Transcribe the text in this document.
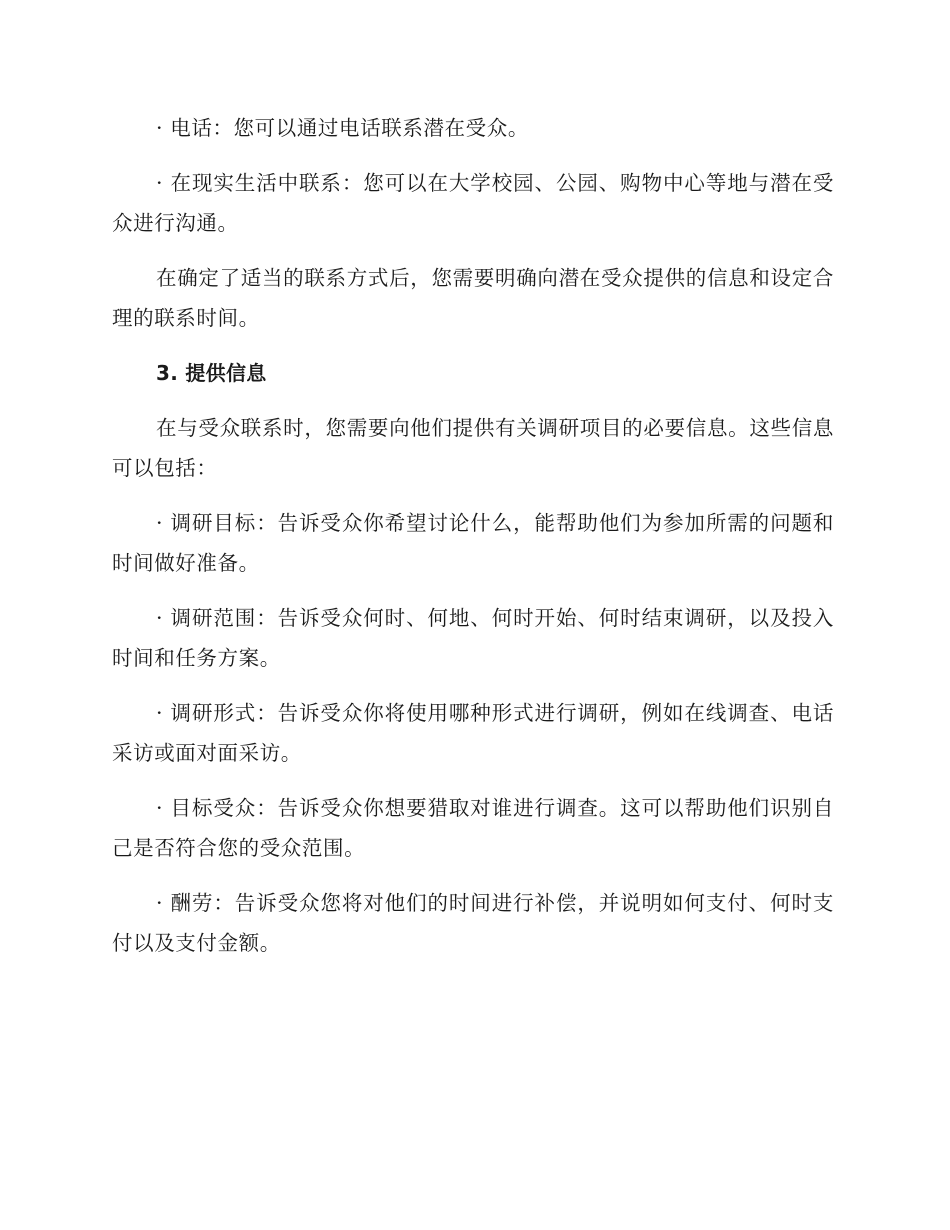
· 电话：您可以通过电话联系潜在受众。

· 在现实生活中联系：您可以在大学校园、公园、购物中心等地与潜在受众进行沟通。

在确定了适当的联系方式后，您需要明确向潜在受众提供的信息和设定合理的联系时间。

3. 提供信息

在与受众联系时，您需要向他们提供有关调研项目的必要信息。这些信息可以包括：

· 调研目标：告诉受众你希望讨论什么，能帮助他们为参加所需的问题和时间做好准备。

· 调研范围：告诉受众何时、何地、何时开始、何时结束调研，以及投入时间和任务方案。

· 调研形式：告诉受众你将使用哪种形式进行调研，例如在线调查、电话采访或面对面采访。

· 目标受众：告诉受众你想要猎取对谁进行调查。这可以帮助他们识别自己是否符合您的受众范围。

· 酬劳：告诉受众您将对他们的时间进行补偿，并说明如何支付、何时支付以及支付金额。
